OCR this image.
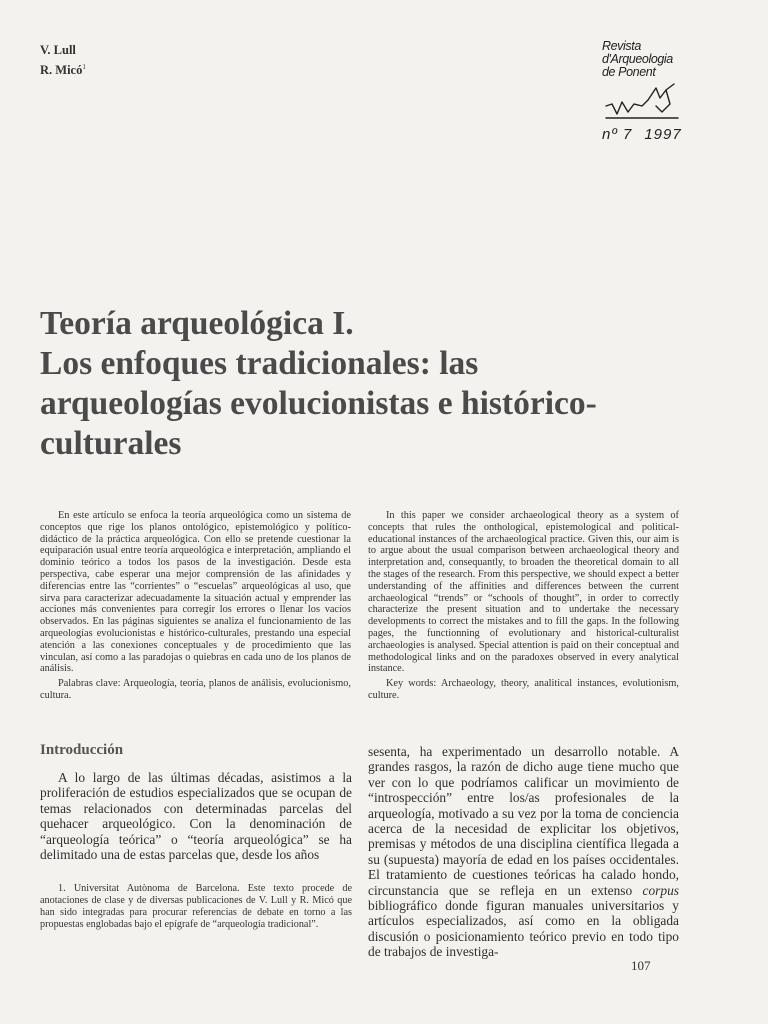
V. Lull
R. Micó$^1$
Revista
d'Arqueologia
de Ponent
nº 7 1997
Teoría arqueológica I.
Los enfoques tradicionales: las
arqueologías evolucionistas e histórico-
culturales

En este artículo se enfoca la teoría arqueológica como un sistema de conceptos que rige los planos ontológico, epistemológico y político-didáctico de la práctica arqueológica. Con ello se pretende cuestionar la equiparación usual entre teoría arqueológica e interpretación, ampliando el dominio teórico a todos los pasos de la investigación. Desde esta perspectiva, cabe esperar una mejor comprensión de las afinidades y diferencias entre las “corrientes” o “escuelas” arqueológicas al uso, que sirva para caracterizar adecuadamente la situación actual y emprender las acciones más convenientes para corregir los errores o llenar los vacíos observados. En las páginas siguientes se analiza el funcionamiento de las arqueologías evolucionistas e histórico-culturales, prestando una especial atención a las conexiones conceptuales y de procedimiento que las vinculan, así como a las paradojas o quiebras en cada uno de los planos de análisis.

In this paper we consider archaeological theory as a system of concepts that rules the onthological, epistemological and political-educational instances of the archaeological practice. Given this, our aim is to argue about the usual comparison between archaeological theory and interpretation and, consequantly, to broaden the theoretical domain to all the stages of the research. From this perspective, we should expect a better understanding of the affinities and differences between the current archaeological “trends” or “schools of thought”, in order to correctly characterize the present situation and to undertake the necessary developments to correct the mistakes and to fill the gaps. In the following pages, the functionning of evolutionary and historical-culturalist archaeologies is analysed. Special attention is paid on their conceptual and methodological links and on the paradoxes observed in every analytical instance.

Palabras clave: Arqueología, teoría, planos de análisis, evolucionismo, cultura.

Key words: Archaeology, theory, analitical instances, evolutionism, culture.

Introducción

A lo largo de las últimas décadas, asistimos a la proliferación de estudios especializados que se ocupan de temas relacionados con determinadas parcelas del quehacer arqueológico. Con la denominación de “arqueología teórica” o “teoría arqueológica” se ha delimitado una de estas parcelas que, desde los años

sesenta, ha experimentado un desarrollo notable. A grandes rasgos, la razón de dicho auge tiene mucho que ver con lo que podríamos calificar un movimiento de “introspección” entre los/as profesionales de la arqueología, motivado a su vez por la toma de conciencia acerca de la necesidad de explicitar los objetivos, premisas y métodos de una disciplina científica llegada a su (supuesta) mayoría de edad en los países occidentales. El tratamiento de cuestiones teóricas ha calado hondo, circunstancia que se refleja en un extenso corpus bibliográfico donde figuran manuales universitarios y artículos especializados, así como en la obligada discusión o posicionamiento teórico previo en todo tipo de trabajos de investiga-

1. Universitat Autònoma de Barcelona. Este texto procede de anotaciones de clase y de diversas publicaciones de V. Lull y R. Micó que han sido integradas para procurar referencias de debate en torno a las propuestas englobadas bajo el epígrafe de “arqueología tradicional”.

107
